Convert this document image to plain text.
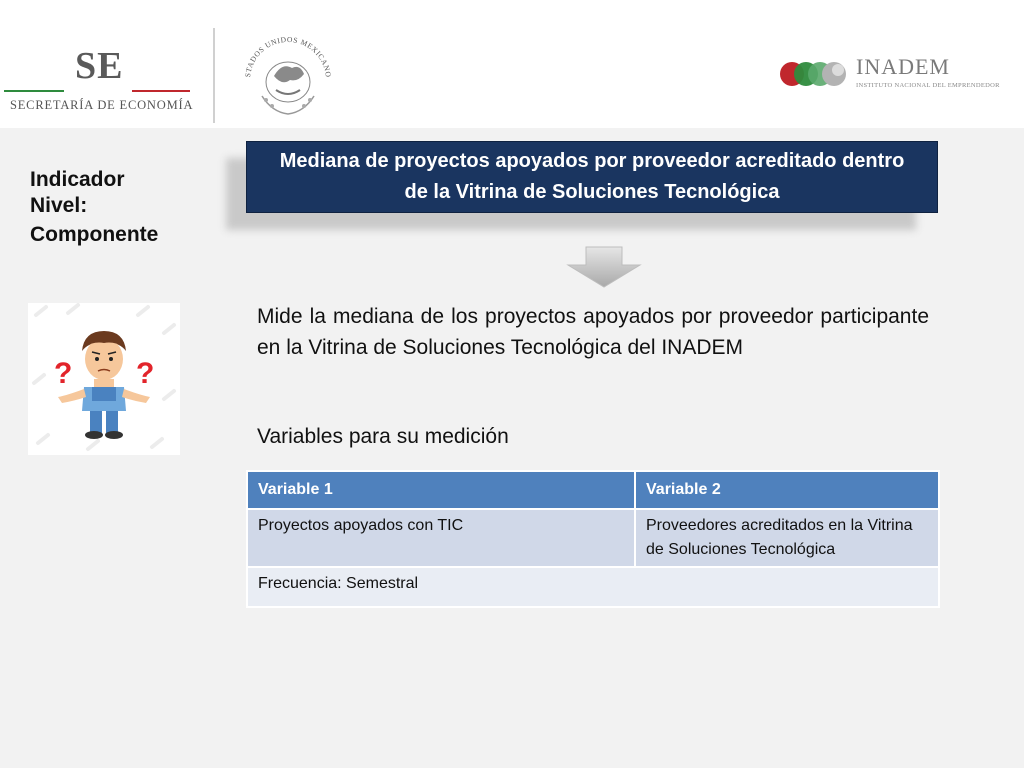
SE
SECRETARÍA DE ECONOMÍA
STADOS UNIDOS MEXICANO	INADEM
INSTITUTO NACIONAL DEL EMPRENDEDOR
Indicador
Nivel:
Componente
Mediana de proyectos apoyados por proveedor acreditado dentro de la Vitrina de Soluciones Tecnológica
? ?
Mide la mediana de los proyectos apoyados por proveedor participante en la Vitrina de Soluciones Tecnológica del INADEM
Variables para su medición
Variable 1	Variable 2
Proyectos apoyados con TIC	Proveedores acreditados en la Vitrina de Soluciones Tecnológica
Frecuencia: Semestral	
